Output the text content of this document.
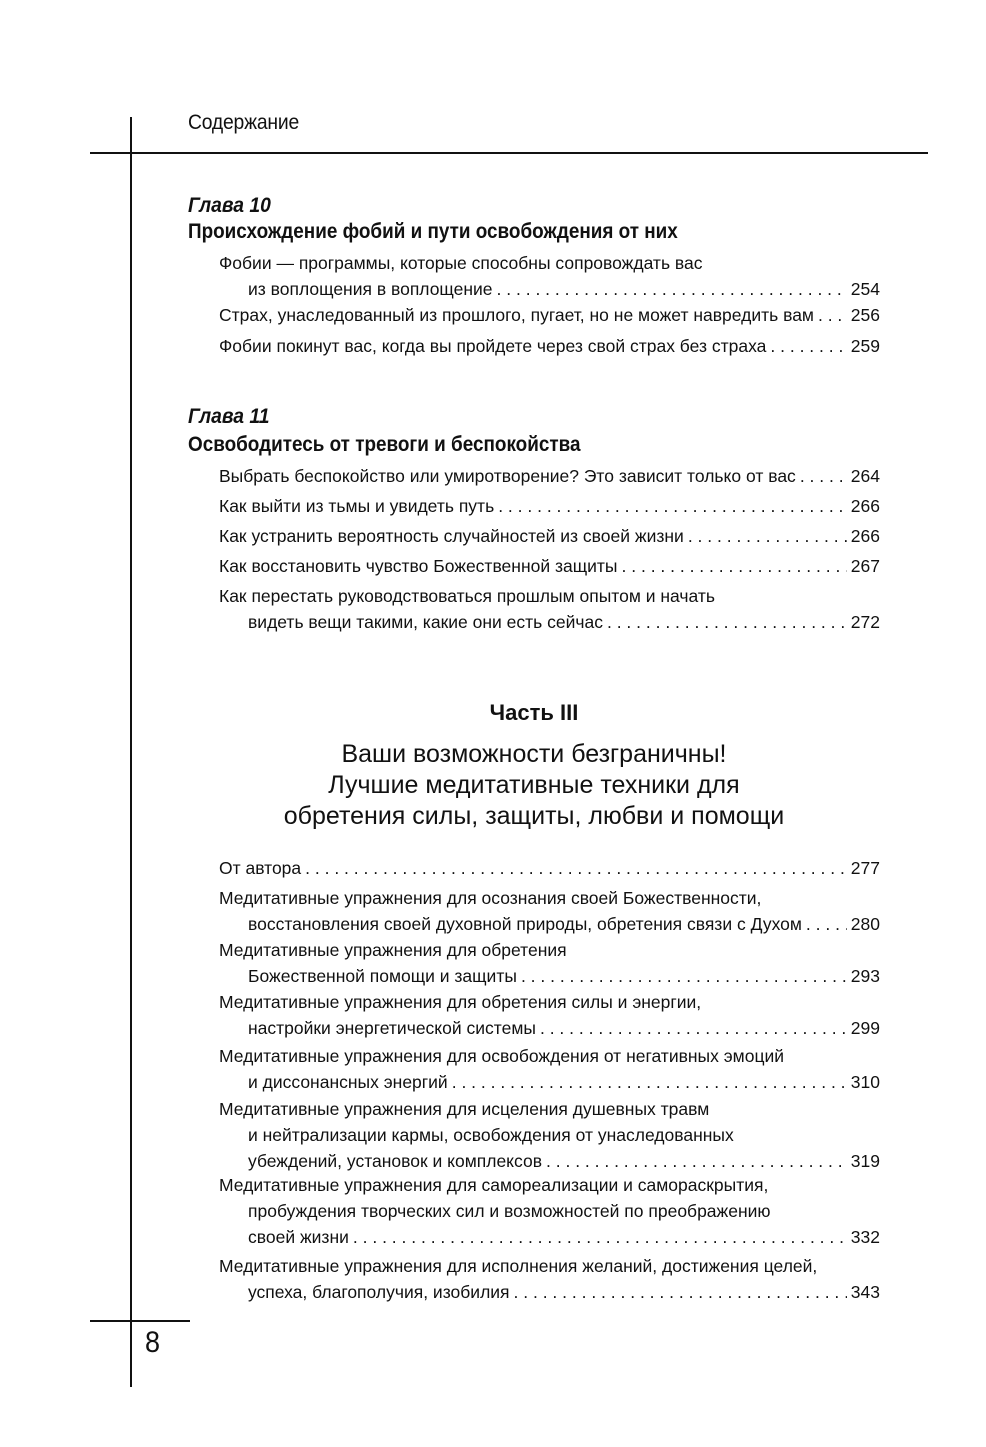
Содержание
Глава 10
Происхождение фобий и пути освобождения от них
Фобии — программы, которые способны сопровождать вас
из воплощения в воплощение . . .	254
Страх, унаследованный из прошлого, пугает, но не может навредить вам . . . 256
Фобии покинут вас, когда вы пройдете через свой страх без страха . . .	259
Глава 11
Освободитесь от тревоги и беспокойства
Выбрать беспокойство или умиротворение? Это зависит только от вас . . .	264
Как выйти из тьмы и увидеть путь . . .	266
Как устранить вероятность случайностей из своей жизни . . .	266
Как восстановить чувство Божественной защиты . . .	267
Как перестать руководствоваться прошлым опытом и начать
видеть вещи такими, какие они есть сейчас . . .	272
Часть III
Ваши возможности безграничны!
Лучшие медитативные техники для
обретения силы, защиты, любви и помощи
От автора . . .	277
Медитативные упражнения для осознания своей Божественности,
восстановления своей духовной природы, обретения связи с Духом . . .	280
Медитативные упражнения для обретения
Божественной помощи и защиты . . .	293
Медитативные упражнения для обретения силы и энергии,
настройки энергетической системы . . .	299
Медитативные упражнения для освобождения от негативных эмоций
и диссонансных энергий . . .	310
Медитативные упражнения для исцеления душевных травм
и нейтрализации кармы, освобождения от унаследованных
убеждений, установок и комплексов . . .	319
Медитативные упражнения для самореализации и самораскрытия,
пробуждения творческих сил и возможностей по преображению
своей жизни . . .	332
Медитативные упражнения для исполнения желаний, достижения целей,
успеха, благополучия, изобилия . . .	343
8
